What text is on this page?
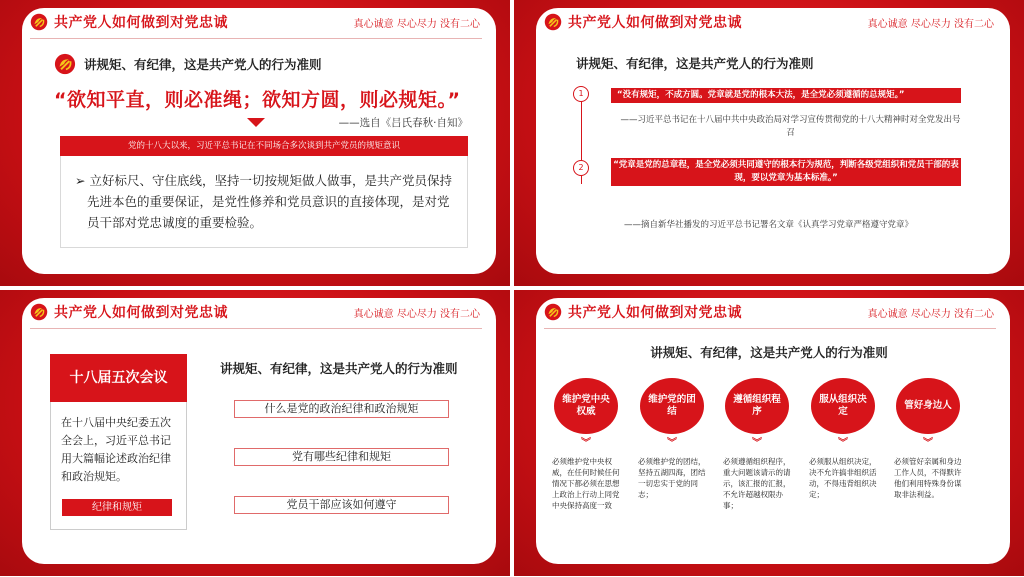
共产党人如何做到对党忠诚	真心诚意 尽心尽力 没有二心
讲规矩、有纪律，这是共产党人的行为准则
“欲知平直，则必准绳；欲知方圆，则必规矩。”
——选自《吕氏春秋·自知》
党的十八大以来，习近平总书记在不同场合多次谈到共产党员的规矩意识

➢ 立好标尺、守住底线，坚持一切按规矩做人做事，是共产党员保持先进本色的重要保证，是党性修养和党员意识的直接体现，是对党员干部对党忠诚度的重要检验。

共产党人如何做到对党忠诚	真心诚意 尽心尽力 没有二心
讲规矩、有纪律，这是共产党人的行为准则
1	“没有规矩，不成方圆。党章就是党的根本大法，是全党必须遵循的总规矩。”
——习近平总书记在十八届中共中央政治局对学习宣传贯彻党的十八大精神时对全党发出号召
2	“党章是党的总章程，是全党必须共同遵守的根本行为规范，判断各级党组织和党员干部的表现，要以党章为基本标准。”
——摘自新华社播发的习近平总书记署名文章《认真学习党章严格遵守党章》
共产党人如何做到对党忠诚	真心诚意 尽心尽力 没有二心
十八届五次会议

在十八届中央纪委五次全会上，习近平总书记用大篇幅论述政治纪律和政治规矩。

纪律和规矩
讲规矩、有纪律，这是共产党人的行为准则
什么是党的政治纪律和政治规矩
党有哪些纪律和规矩
党员干部应该如何遵守
共产党人如何做到对党忠诚	真心诚意 尽心尽力 没有二心
讲规矩、有纪律，这是共产党人的行为准则
维护党中央权威
︾
必须维护党中央权威，在任何时候任何情况下都必须在思想上政治上行动上同党中央保持高度一致
维护党的团结
︾
必须维护党的团结，坚持五湖四海，团结一切忠实于党的同志；
遵循组织程序
︾
必须遵循组织程序，重大问题该请示的请示，该汇报的汇报，不允许超越权限办事；
服从组织决定
︾
必须服从组织决定，决不允许搞非组织活动，不得违背组织决定；
管好身边人
︾
必须管好亲属和身边工作人员，不得默许他们利用特殊身份谋取非法利益。
